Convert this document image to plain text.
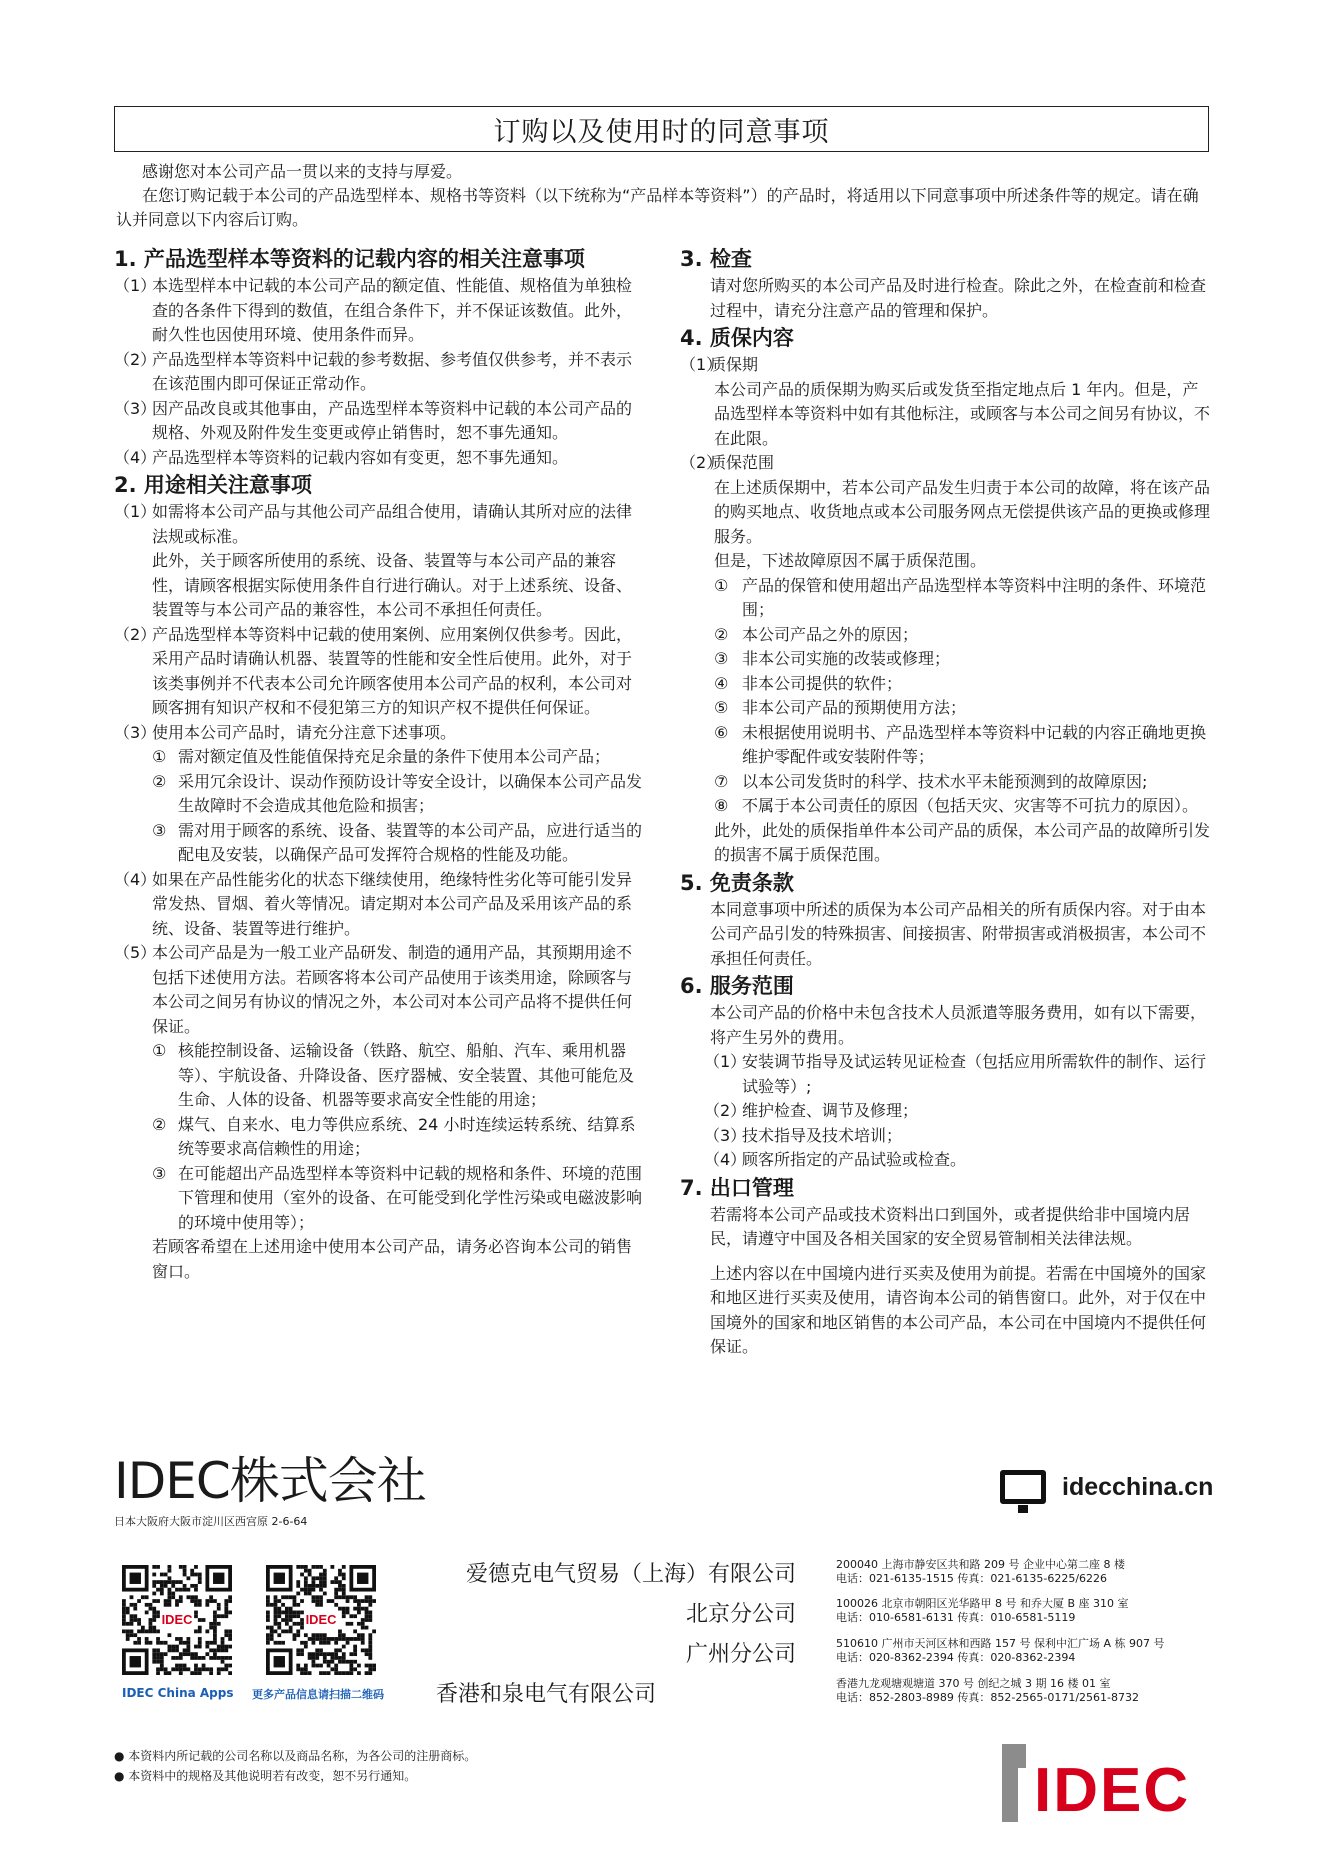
订购以及使用时的同意事项

感谢您对本公司产品一贯以来的支持与厚爱。

在您订购记载于本公司的产品选型样本、规格书等资料（以下统称为“产品样本等资料”）的产品时，将适用以下同意事项中所述条件等的规定。请在确认并同意以下内容后订购。

1. 产品选型样本等资料的记载内容的相关注意事项

（1）
本选型样本中记载的本公司产品的额定值、性能值、规格值为单独检查的各条件下得到的数值，在组合条件下，并不保证该数值。此外，耐久性也因使用环境、使用条件而异。

（2）
产品选型样本等资料中记载的参考数据、参考值仅供参考，并不表示在该范围内即可保证正常动作。

（3）
因产品改良或其他事由，产品选型样本等资料中记载的本公司产品的规格、外观及附件发生变更或停止销售时，恕不事先通知。

（4）
产品选型样本等资料的记载内容如有变更，恕不事先通知。

2. 用途相关注意事项

（1）
如需将本公司产品与其他公司产品组合使用，请确认其所对应的法律法规或标准。

此外，关于顾客所使用的系统、设备、装置等与本公司产品的兼容性，请顾客根据实际使用条件自行进行确认。对于上述系统、设备、装置等与本公司产品的兼容性，本公司不承担任何责任。

（2）
产品选型样本等资料中记载的使用案例、应用案例仅供参考。因此，采用产品时请确认机器、装置等的性能和安全性后使用。此外，对于该类事例并不代表本公司允许顾客使用本公司产品的权利，本公司对顾客拥有知识产权和不侵犯第三方的知识产权不提供任何保证。

（3）
使用本公司产品时，请充分注意下述事项。

① 需对额定值及性能值保持充足余量的条件下使用本公司产品；

② 采用冗余设计、误动作预防设计等安全设计，以确保本公司产品发生故障时不会造成其他危险和损害；

③ 需对用于顾客的系统、设备、装置等的本公司产品，应进行适当的配电及安装，以确保产品可发挥符合规格的性能及功能。

（4）
如果在产品性能劣化的状态下继续使用，绝缘特性劣化等可能引发异常发热、冒烟、着火等情况。请定期对本公司产品及采用该产品的系统、设备、装置等进行维护。

（5）
本公司产品是为一般工业产品研发、制造的通用产品，其预期用途不包括下述使用方法。若顾客将本公司产品使用于该类用途，除顾客与本公司之间另有协议的情况之外，本公司对本公司产品将不提供任何保证。

① 核能控制设备、运输设备（铁路、航空、船舶、汽车、乘用机器等）、宇航设备、升降设备、医疗器械、安全装置、其他可能危及生命、人体的设备、机器等要求高安全性能的用途；

② 煤气、自来水、电力等供应系统、24 小时连续运转系统、结算系统等要求高信赖性的用途；

③ 在可能超出产品选型样本等资料中记载的规格和条件、环境的范围下管理和使用（室外的设备、在可能受到化学性污染或电磁波影响的环境中使用等）；

若顾客希望在上述用途中使用本公司产品，请务必咨询本公司的销售窗口。

3. 检查

请对您所购买的本公司产品及时进行检查。除此之外，在检查前和检查过程中，请充分注意产品的管理和保护。

4. 质保内容

（1）
质保期

本公司产品的质保期为购买后或发货至指定地点后 1 年内。但是，产品选型样本等资料中如有其他标注，或顾客与本公司之间另有协议，不在此限。

（2）
质保范围

在上述质保期中，若本公司产品发生归责于本公司的故障，将在该产品的购买地点、收货地点或本公司服务网点无偿提供该产品的更换或修理服务。

但是，下述故障原因不属于质保范围。

① 产品的保管和使用超出产品选型样本等资料中注明的条件、环境范围；

② 本公司产品之外的原因；

③ 非本公司实施的改装或修理；

④ 非本公司提供的软件；

⑤ 非本公司产品的预期使用方法；

⑥ 未根据使用说明书、产品选型样本等资料中记载的内容正确地更换维护零配件或安装附件等；

⑦ 以本公司发货时的科学、技术水平未能预测到的故障原因;

⑧ 不属于本公司责任的原因（包括天灾、灾害等不可抗力的原因）。

此外，此处的质保指单件本公司产品的质保，本公司产品的故障所引发的损害不属于质保范围。

5. 免责条款

本同意事项中所述的质保为本公司产品相关的所有质保内容。对于由本公司产品引发的特殊损害、间接损害、附带损害或消极损害，本公司不承担任何责任。

6. 服务范围

本公司产品的价格中未包含技术人员派遣等服务费用，如有以下需要，将产生另外的费用。

（1）
安装调节指导及试运转见证检查（包括应用所需软件的制作、运行试验等）;

（2）
维护检查、调节及修理；

（3）
技术指导及技术培训；

（4）
顾客所指定的产品试验或检查。

7. 出口管理

若需将本公司产品或技术资料出口到国外，或者提供给非中国境内居民，请遵守中国及各相关国家的安全贸易管制相关法律法规。

上述内容以在中国境内进行买卖及使用为前提。若需在中国境外的国家和地区进行买卖及使用，请咨询本公司的销售窗口。此外，对于仅在中国境外的国家和地区销售的本公司产品，本公司在中国境内不提供任何保证。

IDEC株式会社
日本大阪府大阪市淀川区西宫原 2-6-64
idecchina.cn
IDEC
IDEC China Apps
IDEC
更多产品信息请扫描二维码
爱德克电气贸易（上海）有限公司
北京分公司
广州分公司
香港和泉电气有限公司
200040 上海市静安区共和路 209 号 企业中心第二座 8 楼
电话：021-6135-1515 传真：021-6135-6225/6226
100026 北京市朝阳区光华路甲 8 号 和乔大厦 B 座 310 室
电话：010-6581-6131 传真：010-6581-5119
510610 广州市天河区林和西路 157 号 保利中汇广场 A 栋 907 号
电话：020-8362-2394 传真：020-8362-2394
香港九龙观塘观塘道 370 号 创纪之城 3 期 16 楼 01 室
电话：852-2803-8989 传真：852-2565-0171/2561-8732

● 本资料内所记载的公司名称以及商品名称，为各公司的注册商标。

● 本资料中的规格及其他说明若有改变，恕不另行通知。	IDEC
